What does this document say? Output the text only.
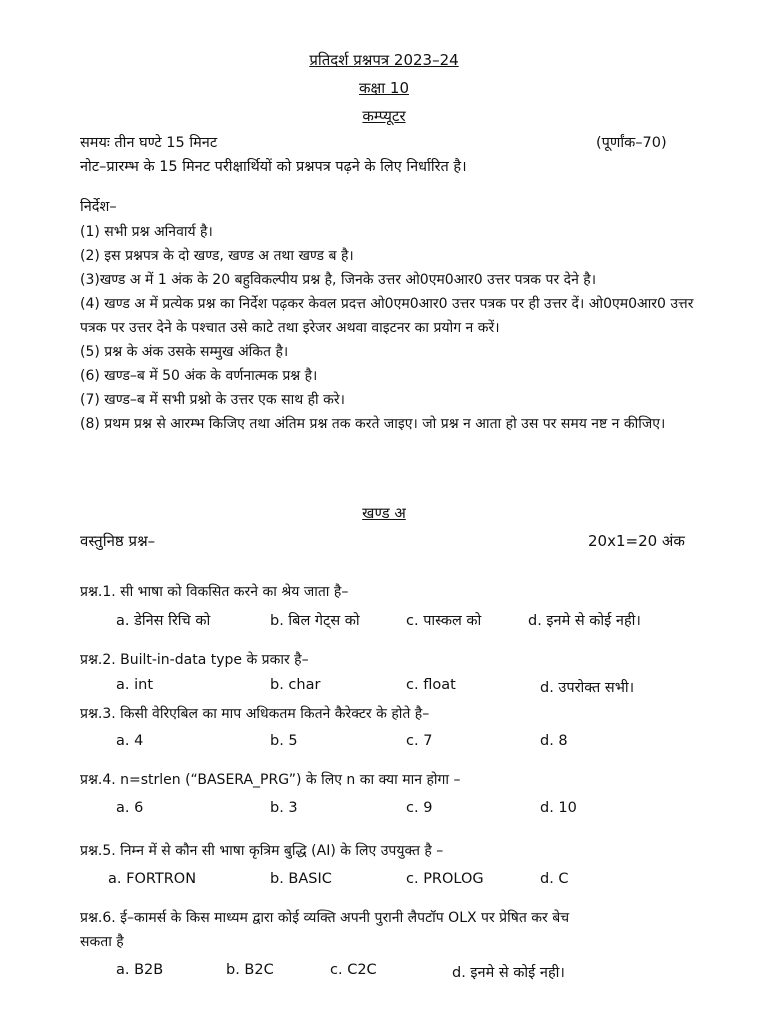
प्रतिदर्श प्रश्नपत्र 2023–24
कक्षा 10
कम्प्यूटर
समयः तीन घण्टे 15 मिनट	(पूर्णांक–70)
नोट–प्रारम्भ के 15 मिनट परीक्षार्थियों को प्रश्नपत्र पढ़ने के लिए निर्धारित है।
निर्देश–
(1) सभी प्रश्न अनिवार्य है।
(2) इस प्रश्नपत्र के दो खण्ड, खण्ड अ तथा खण्ड ब है।
(3)खण्ड अ में 1 अंक के 20 बहुविकल्पीय प्रश्न है, जिनके उत्तर ओ0एम0आर0 उत्तर पत्रक पर देने है।
(4) खण्ड अ में प्रत्येक प्रश्न का निर्देश पढ़कर केवल प्रदत्त ओ0एम0आर0 उत्तर पत्रक पर ही उत्तर दें। ओ0एम0आर0 उत्तर पत्रक पर उत्तर देने के पश्चात उसे काटे तथा इरेजर अथवा वाइटनर का प्रयोग न करें।
(5) प्रश्न के अंक उसके सम्मुख अंकित है।
(6) खण्ड–ब में 50 अंक के वर्णनात्मक प्रश्न है।
(7) खण्ड–ब में सभी प्रश्नो के उत्तर एक साथ ही करे।
(8) प्रथम प्रश्न से आरम्भ किजिए तथा अंतिम प्रश्न तक करते जाइए। जो प्रश्न न आता हो उस पर समय नष्ट न कीजिए।
खण्ड अ
वस्तुनिष्ठ प्रश्न–	20x1=20 अंक
प्रश्न.1. सी भाषा को विकसित करने का श्रेय जाता है–
a. डेनिस रिचि को	b. बिल गेट्स को	c. पास्कल को	d. इनमे से कोई नही।
प्रश्न.2. Built-in-data type के प्रकार है–
a. int	b. char	c. float	d. उपरोक्त सभी।
प्रश्न.3. किसी वेरिएबिल का माप अधिकतम कितने कैरेक्टर के होते है–
a. 4	b. 5	c. 7	d. 8
प्रश्न.4. n=strlen (“BASERA_PRG”) के लिए n का क्या मान होगा –
a. 6	b. 3	c. 9	d. 10
प्रश्न.5. निम्न में से कौन सी भाषा कृत्रिम बुद्धि (AI) के लिए उपयुक्त है –
a. FORTRON	b. BASIC	c. PROLOG	d. C
प्रश्न.6. ई–कामर्स के किस माध्यम द्वारा कोई व्यक्ति अपनी पुरानी लैपटॉप OLX पर प्रेषित कर बेच
सकता है
a. B2B	b. B2C	c. C2C	d. इनमे से कोई नही।
